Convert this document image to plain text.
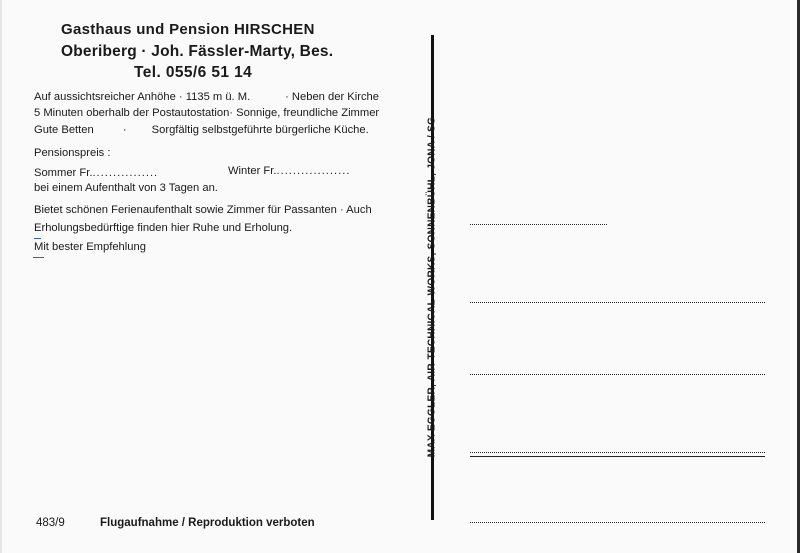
Gasthaus und Pension HIRSCHEN
Oberiberg · Joh. Fässler-Marty, Bes.
Tel. 055/6 51 14
Auf aussichtsreicher Anhöhe · 1135 m ü. M.	· Neben der Kirche
5 Minuten oberhalb der Postautostation · Sonnige, freundliche Zimmer
Gute Betten	· Sorgfältig selbstgeführte bürgerliche Küche.
Pensionspreis :
Sommer Fr.................	Winter Fr...................
bei einem Aufenthalt von 3 Tagen an.
Bietet schönen Ferienaufenthalt sowie Zimmer für Passanten · Auch
Erholungsbedürftige finden hier Ruhe und Erholung.
Mit bester Empfehlung	MAX EGGLER, AIR-TECHNICAL-WORKS, SONNENBÜHL, JONA / SG
483/9	Flugaufnahme / Reproduktion verboten
